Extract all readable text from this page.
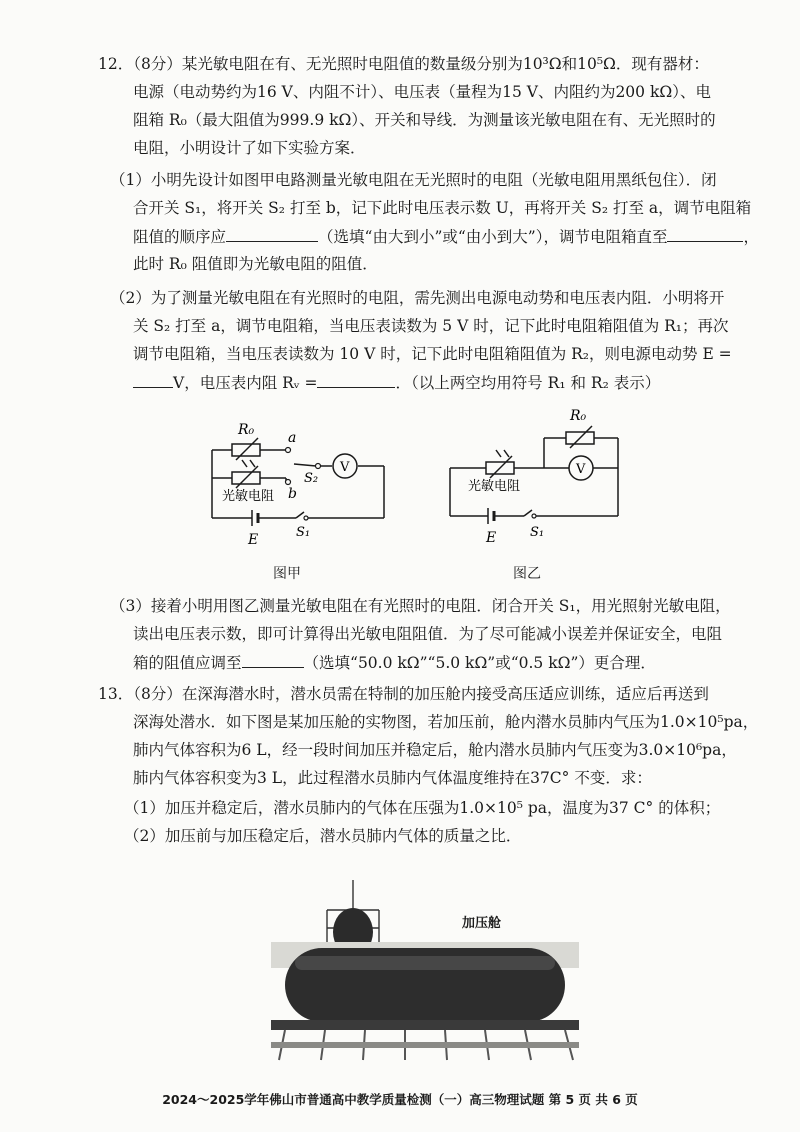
12．（8分）某光敏电阻在有、无光照时电阻值的数量级分别为10³Ω和10⁵Ω．现有器材：
电源（电动势约为16 V、内阻不计）、电压表（量程为15 V、内阻约为200 kΩ）、电
阻箱 R₀（最大阻值为999.9 kΩ）、开关和导线．为测量该光敏电阻在有、无光照时的
电阻，小明设计了如下实验方案．
（1）小明先设计如图甲电路测量光敏电阻在无光照时的电阻（光敏电阻用黑纸包住）．闭
合开关 S₁，将开关 S₂ 打至 b，记下此时电压表示数 U，再将开关 S₂ 打至 a，调节电阻箱
阻值的顺序应	（选填“由大到小”或“由小到大”），调节电阻箱直至	，
此时 R₀ 阻值即为光敏电阻的阻值．
（2）为了测量光敏电阻在有光照时的电阻，需先测出电源电动势和电压表内阻．小明将开
关 S₂ 打至 a，调节电阻箱，当电压表读数为 5 V 时，记下此时电阻箱阻值为 R₁；再次
调节电阻箱，当电压表读数为 10 V 时，记下此时电阻箱阻值为 R₂，则电源电动势 E =
V，电压表内阻 Rᵥ =	．（以上两空均用符号 R₁ 和 R₂ 表示）
R₀ a
b
S₂
V
光敏电阻
E	S₁
图甲
R₀
V
光敏电阻
E	S₁
图乙
（3）接着小明用图乙测量光敏电阻在有光照时的电阻．闭合开关 S₁，用光照射光敏电阻，
读出电压表示数，即可计算得出光敏电阻阻值．为了尽可能减小误差并保证安全，电阻
箱的阻值应调至	（选填“50.0 kΩ”“5.0 kΩ”或“0.5 kΩ”）更合理．
13．（8分）在深海潜水时，潜水员需在特制的加压舱内接受高压适应训练，适应后再送到
深海处潜水．如下图是某加压舱的实物图，若加压前，舱内潜水员肺内气压为1.0×10⁵pa，
肺内气体容积为6 L，经一段时间加压并稳定后，舱内潜水员肺内气压变为3.0×10⁶pa，
肺内气体容积变为3 L，此过程潜水员肺内气体温度维持在37C° 不变．求：
（1）加压并稳定后，潜水员肺内的气体在压强为1.0×10⁵ pa，温度为37 C° 的体积；
（2）加压前与加压稳定后，潜水员肺内气体的质量之比．
加压舱
2024～2025学年佛山市普通高中教学质量检测（一）高三物理试题 第 5 页 共 6 页
